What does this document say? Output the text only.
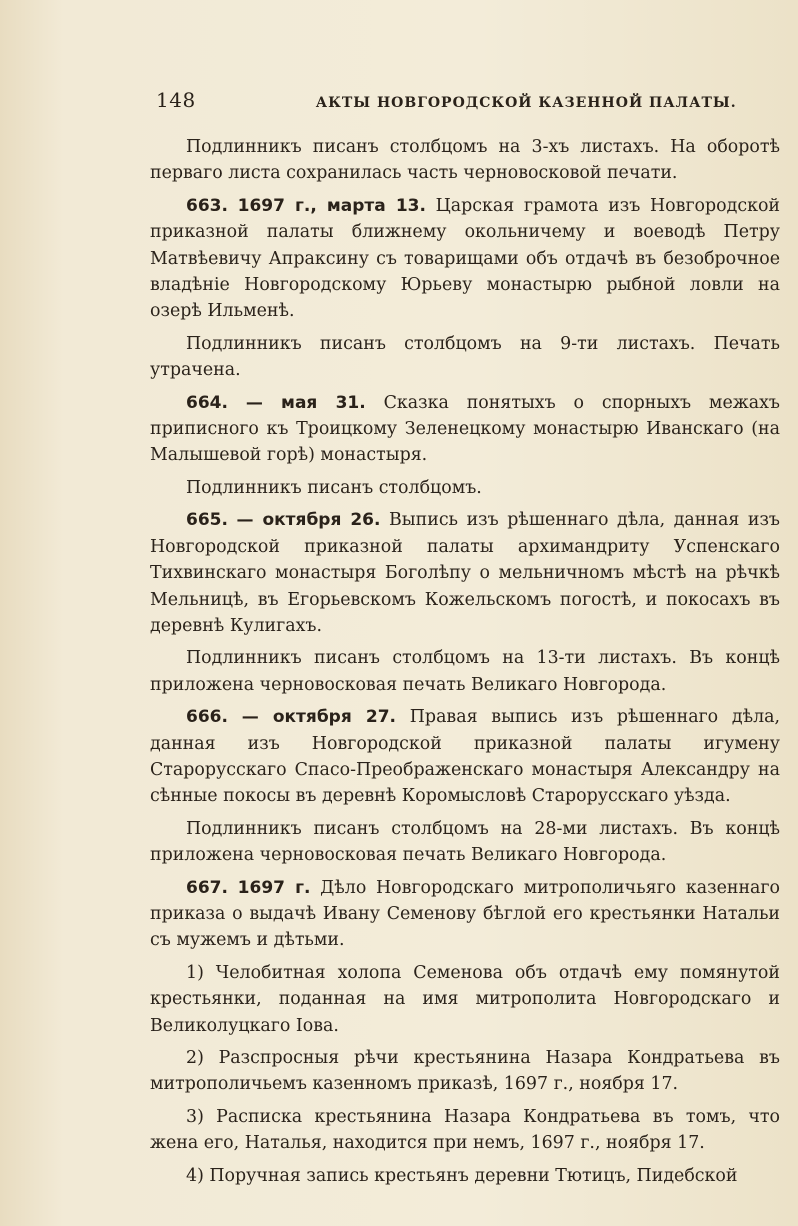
148	АКТЫ НОВГОРОДСКОЙ КАЗЕННОЙ ПАЛАТЫ.

Подлинникъ писанъ столбцомъ на 3-хъ листахъ. На оборотѣ перваго листа сохранилась часть черновосковой печати.

663. 1697 г., марта 13. Царская грамота изъ Новгородской приказной палаты ближнему окольничему и воеводѣ Петру Матвѣевичу Апраксину съ товарищами объ отдачѣ въ безоброчное владѣніе Новгородскому Юрьеву монастырю рыбной ловли на озерѣ Ильменѣ.

Подлинникъ писанъ столбцомъ на 9-ти листахъ. Печать утрачена.

664. — мая 31. Сказка понятыхъ о спорныхъ межахъ приписного къ Троицкому Зеленецкому монастырю Иванскаго (на Малышевой горѣ) монастыря.

Подлинникъ писанъ столбцомъ.

665. — октября 26. Выпись изъ рѣшеннаго дѣла, данная изъ Новгородской приказной палаты архимандриту Успенскаго Тихвинскаго монастыря Боголѣпу о мельничномъ мѣстѣ на рѣчкѣ Мельницѣ, въ Егорьевскомъ Кожельскомъ погостѣ, и покосахъ въ деревнѣ Кулигахъ.

Подлинникъ писанъ столбцомъ на 13-ти листахъ. Въ концѣ приложена черновосковая печать Великаго Новгорода.

666. — октября 27. Правая выпись изъ рѣшеннаго дѣла, данная изъ Новгородской приказной палаты игумену Старорусскаго Спасо-Преображенскаго монастыря Александру на сѣнные покосы въ деревнѣ Коромысловѣ Старорусскаго уѣзда.

Подлинникъ писанъ столбцомъ на 28-ми листахъ. Въ концѣ приложена черновосковая печать Великаго Новгорода.

667. 1697 г. Дѣло Новгородскаго митрополичьяго казеннаго приказа о выдачѣ Ивану Семенову бѣглой его крестьянки Натальи съ мужемъ и дѣтьми.

1) Челобитная холопа Семенова объ отдачѣ ему помянутой крестьянки, поданная на имя митрополита Новгородскаго и Великолуцкаго Іова.

2) Разспросныя рѣчи крестьянина Назара Кондратьева въ митрополичьемъ казенномъ приказѣ, 1697 г., ноября 17.

3) Расписка крестьянина Назара Кондратьева въ томъ, что жена его, Наталья, находится при немъ, 1697 г., ноября 17.

4) Поручная запись крестьянъ деревни Тютицъ, Пидебской
